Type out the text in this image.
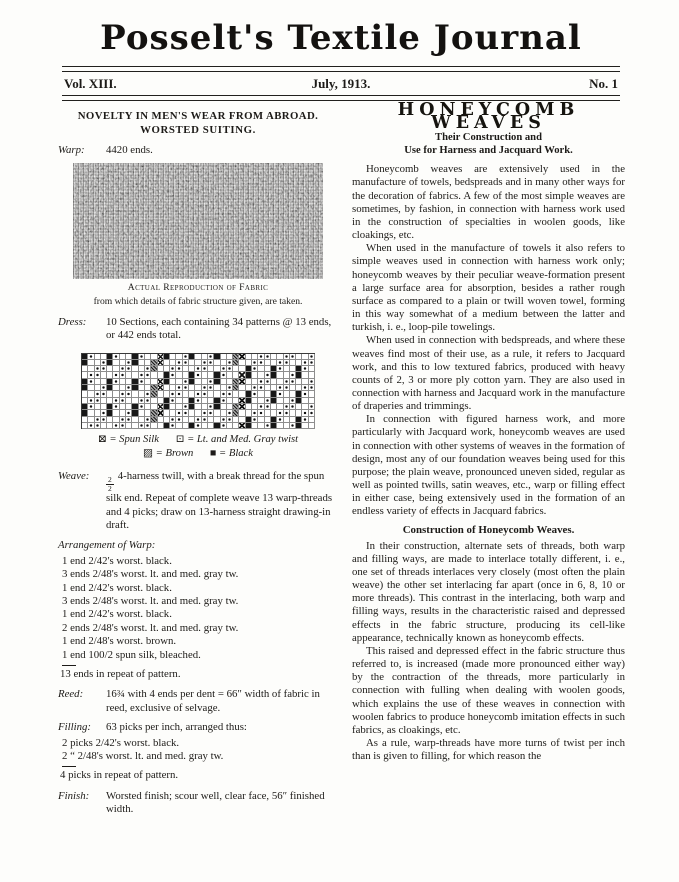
Posselt's Textile Journal
Vol. XIII.	July, 1913.	No. 1
NOVELTY IN MEN'S WEAR FROM ABROAD.
WORSTED SUITING.
Warp:	4420 ends.
Actual Reproduction of Fabric
from which details of fabric structure given, are taken.
Dress:	10 Sections, each containing 34 patterns @ 13 ends, or 442 ends total.
⊠ = Spun Silk ⊡ = Lt. and Med. Gray twist
▨ = Brown ■ = Black
Weave:	$\frac{2}{2}$ 4-harness twill, with a break thread for the spun silk end. Repeat of complete weave 13 warp-threads and 4 picks; draw on 13-harness straight drawing-in draft.
Arrangement of Warp:
1 end 2/42's worst. black.
3 ends 2/48's worst. lt. and med. gray tw.
1 end 2/42's worst. black.
3 ends 2/48's worst. lt. and med. gray tw.
1 end 2/42's worst. black.
2 ends 2/48's worst. lt. and med. gray tw.
1 end 2/48's worst. brown.
1 end 100/2 spun silk, bleached.
13 ends in repeat of pattern.
Reed:	16¾ with 4 ends per dent = 66″ width of fabric in reed, exclusive of selvage.
Filling:	63 picks per inch, arranged thus:
2 picks 2/42's worst. black.
2 “ 2/48's worst. lt. and med. gray tw.
4 picks in repeat of pattern.
Finish:	Worsted finish; scour well, clear face, 56″ finished width.
HONEYCOMB WEAVES
Their Construction and
Use for Harness and Jacquard Work.

Honeycomb weaves are extensively used in the manufacture of towels, bedspreads and in many other ways for the decoration of fabrics. A few of the most simple weaves are sometimes, by fashion, in connection with harness work used in the construction of specialties in woolen goods, like cloakings, etc.

When used in the manufacture of towels it also refers to simple weaves used in connection with harness work only; honeycomb weaves by their peculiar weave-formation present a large surface area for absorption, besides a rather rough surface as compared to a plain or twill woven towel, forming in this way somewhat of a medium between the latter and turkish, i. e., loop-pile towelings.

When used in connection with bedspreads, and where these weaves find most of their use, as a rule, it refers to Jacquard work, and this to low textured fabrics, produced with heavy counts of 2, 3 or more ply cotton yarn. They are also used in connection with harness and Jacquard work in the manufacture of draperies and trimmings.

In connection with figured harness work, and more particularly with Jacquard work, honeycomb weaves are used in connection with other systems of weaves in the formation of design, most any of our foundation weaves being used for this purpose; the plain weave, pronounced uneven sided, regular as well as pointed twills, satin weaves, etc., warp or filling effect in either case, being extensively used in the formation of an endless variety of effects in Jacquard fabrics.

Construction of Honeycomb Weaves.

In their construction, alternate sets of threads, both warp and filling ways, are made to interlace totally different, i. e., one set of threads interlaces very closely (most often the plain weave) the other set interlacing far apart (once in 6, 8, 10 or more threads). This contrast in the interlacing, both warp and filling ways, results in the characteristic raised and depressed effects in the fabric structure, producing its cell-like appearance, technically known as honeycomb effects.

This raised and depressed effect in the fabric structure thus referred to, is increased (made more pronounced either way) by the contraction of the threads, more particularly in connection with fulling when dealing with woolen goods, which explains the use of these weaves in connection with woolen fabrics to produce honeycomb imitation effects in such fabrics, as cloakings, etc.

As a rule, warp-threads have more turns of twist per inch than is given to filling, for which reason the
